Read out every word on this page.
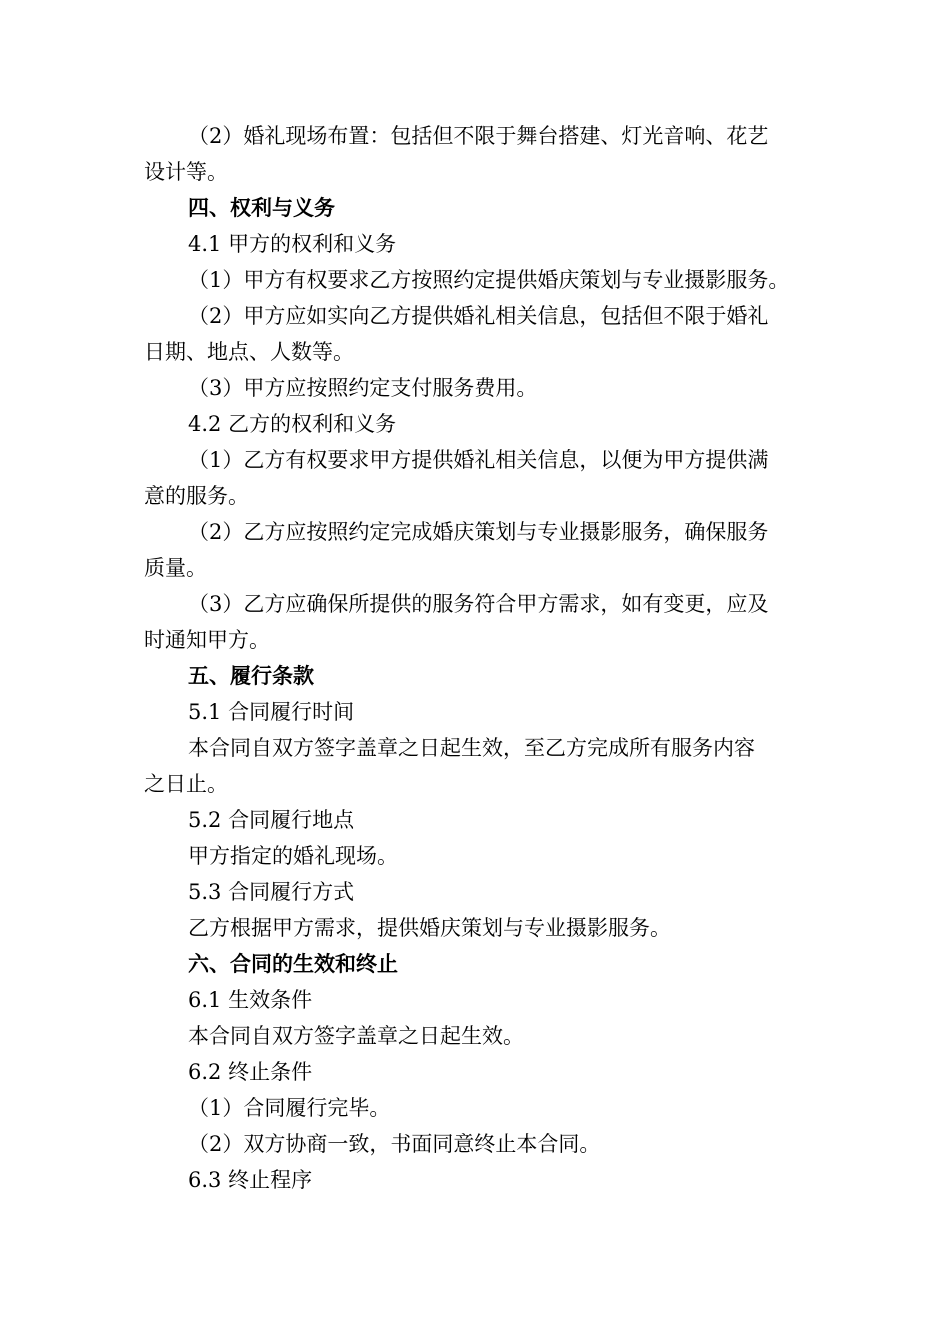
（2）婚礼现场布置：包括但不限于舞台搭建、灯光音响、花艺

设计等。

四、权利与义务

4.1 甲方的权利和义务

（1）甲方有权要求乙方按照约定提供婚庆策划与专业摄影服务。

（2）甲方应如实向乙方提供婚礼相关信息，包括但不限于婚礼

日期、地点、人数等。

（3）甲方应按照约定支付服务费用。

4.2 乙方的权利和义务

（1）乙方有权要求甲方提供婚礼相关信息，以便为甲方提供满

意的服务。

（2）乙方应按照约定完成婚庆策划与专业摄影服务，确保服务

质量。

（3）乙方应确保所提供的服务符合甲方需求，如有变更，应及

时通知甲方。

五、履行条款

5.1 合同履行时间

本合同自双方签字盖章之日起生效，至乙方完成所有服务内容

之日止。

5.2 合同履行地点

甲方指定的婚礼现场。

5.3 合同履行方式

乙方根据甲方需求，提供婚庆策划与专业摄影服务。

六、合同的生效和终止

6.1 生效条件

本合同自双方签字盖章之日起生效。

6.2 终止条件

（1）合同履行完毕。

（2）双方协商一致，书面同意终止本合同。

6.3 终止程序
